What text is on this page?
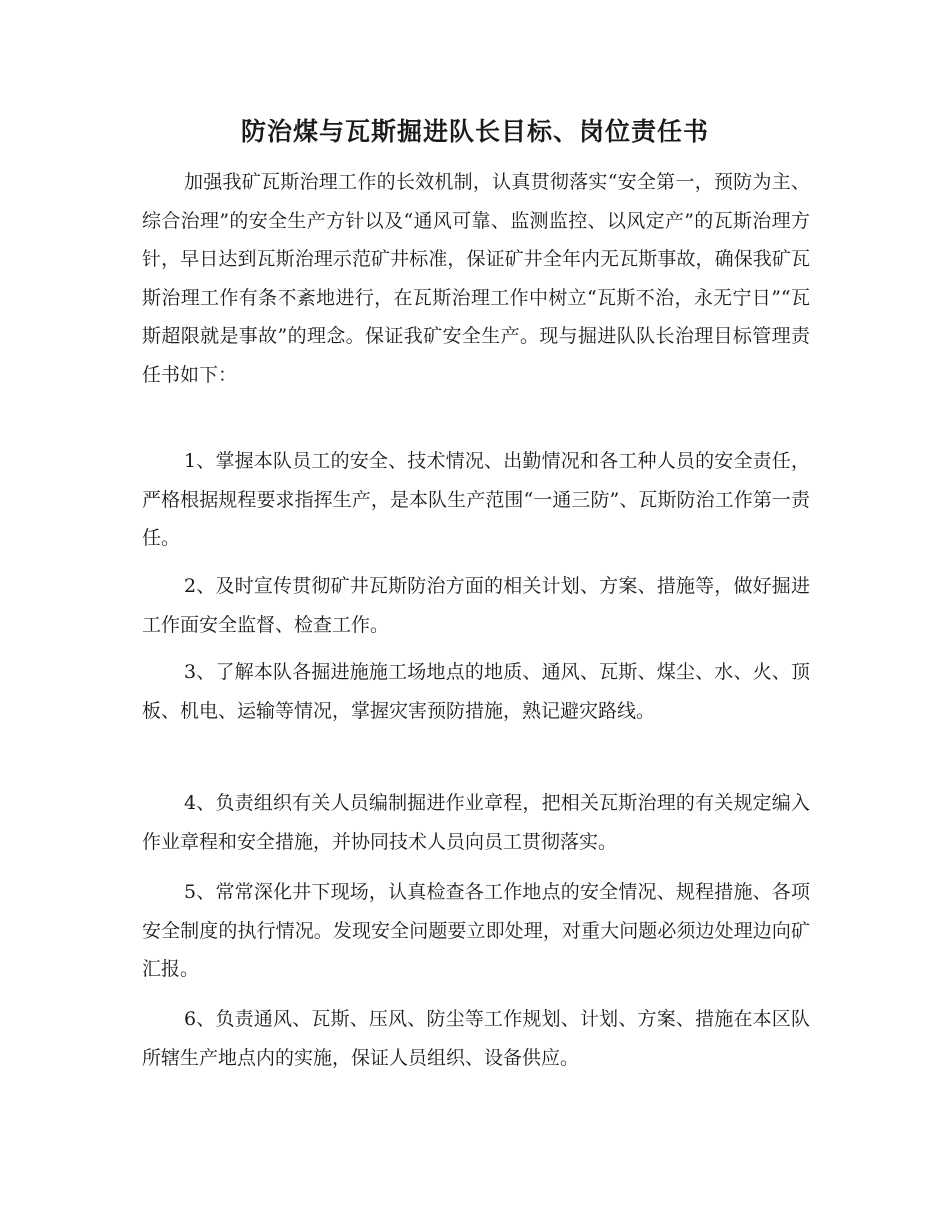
防治煤与瓦斯掘进队长目标、岗位责任书

加强我矿瓦斯治理工作的长效机制，认真贯彻落实“安全第一，预防为主、综合治理”的安全生产方针以及“通风可靠、监测监控、以风定产”的瓦斯治理方针，早日达到瓦斯治理示范矿井标准，保证矿井全年内无瓦斯事故，确保我矿瓦斯治理工作有条不紊地进行，在瓦斯治理工作中树立“瓦斯不治，永无宁日”“瓦斯超限就是事故”的理念。保证我矿安全生产。现与掘进队队长治理目标管理责任书如下：

1、掌握本队员工的安全、技术情况、出勤情况和各工种人员的安全责任，严格根据规程要求指挥生产，是本队生产范围“一通三防”、瓦斯防治工作第一责任。

2、及时宣传贯彻矿井瓦斯防治方面的相关计划、方案、措施等，做好掘进工作面安全监督、检查工作。

3、了解本队各掘进施施工场地点的地质、通风、瓦斯、煤尘、水、火、顶板、机电、运输等情况，掌握灾害预防措施，熟记避灾路线。

4、负责组织有关人员编制掘进作业章程，把相关瓦斯治理的有关规定编入作业章程和安全措施，并协同技术人员向员工贯彻落实。

5、常常深化井下现场，认真检查各工作地点的安全情况、规程措施、各项安全制度的执行情况。发现安全问题要立即处理，对重大问题必须边处理边向矿汇报。

6、负责通风、瓦斯、压风、防尘等工作规划、计划、方案、措施在本区队所辖生产地点内的实施，保证人员组织、设备供应。
